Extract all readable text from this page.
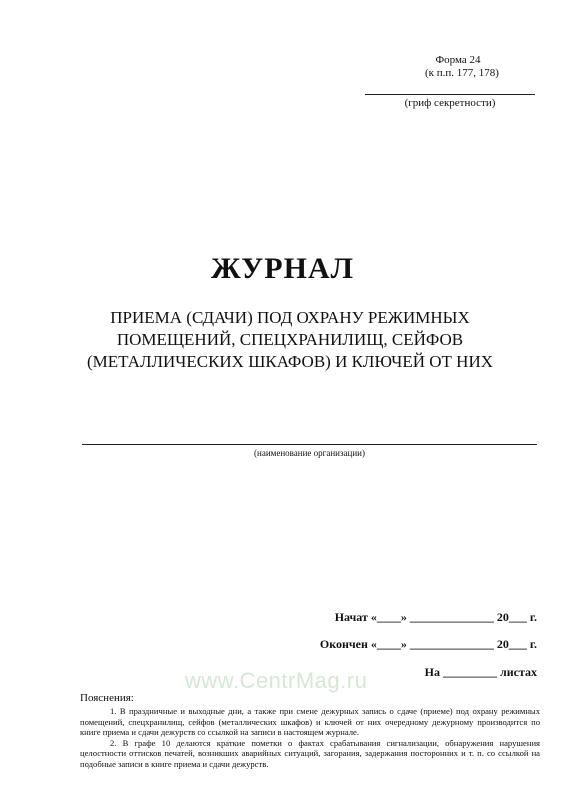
Форма 24
(к п.п. 177, 178)
(гриф секретности)
ЖУРНАЛ
ПРИЕМА (СДАЧИ) ПОД ОХРАНУ РЕЖИМНЫХ
ПОМЕЩЕНИЙ, СПЕЦХРАНИЛИЩ, СЕЙФОВ
(МЕТАЛЛИЧЕСКИХ ШКАФОВ) И КЛЮЧЕЙ ОТ НИХ
(наименование организации)
Начат «____» ______________ 20___ г.
Окончен «____» ______________ 20___ г.
На _________ листах
www.CentrMag.ru
Пояснения:

1. В праздничные и выходные дни, а также при смене дежурных запись о сдаче (приеме) под охрану режимных помещений, спецхранилищ, сейфов (металлических шкафов) и ключей от них очередному дежурному производится по книге приема и сдачи дежурств со ссылкой на записи в настоящем журнале.

2. В графе 10 делаются краткие пометки о фактах срабатывания сигнализации, обнаружения нарушения целостности оттисков печатей, возникших аварийных ситуаций, загорания, задержания посторонних и т. п. со ссылкой на подобные записи в книге приема и сдачи дежурств.
